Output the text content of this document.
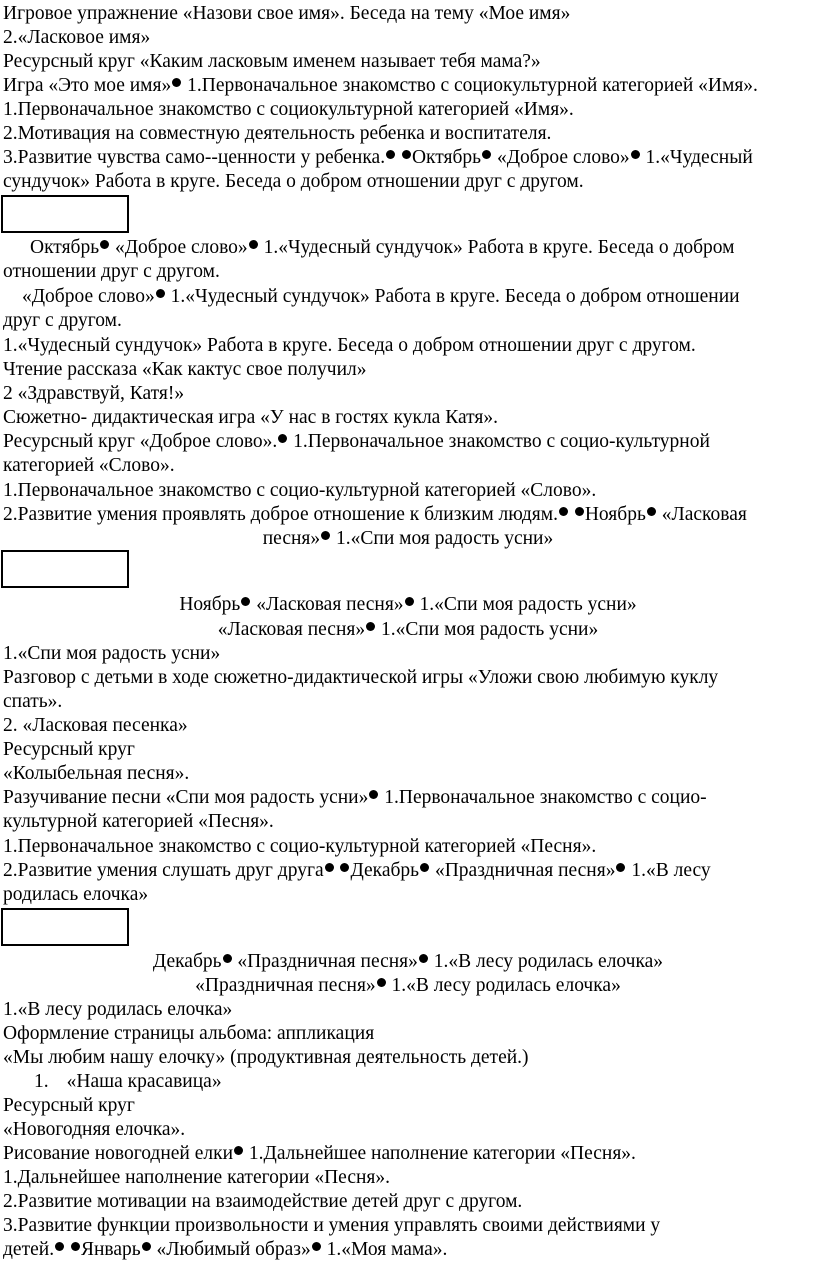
Игровое упражнение «Назови свое имя». Беседа на тему «Мое имя»
2.«Ласковое имя»
Ресурсный круг «Каким ласковым именем называет тебя мама?»
Игра «Это мое имя» 1.Первоначальное знакомство с социокультурной категорией «Имя».
1.Первоначальное знакомство с социокультурной категорией «Имя».
2.Мотивация на совместную деятельность ребенка и воспитателя.
3.Развитие чувства само--ценности у ребенка. Октябрь «Доброе слово» 1.«Чудесный
сундучок» Работа в круге. Беседа о добром отношении друг с другом.
Октябрь «Доброе слово» 1.«Чудесный сундучок» Работа в круге. Беседа о добром
отношении друг с другом.
«Доброе слово» 1.«Чудесный сундучок» Работа в круге. Беседа о добром отношении
друг с другом.
1.«Чудесный сундучок» Работа в круге. Беседа о добром отношении друг с другом.
Чтение рассказа «Как кактус свое получил»
2 «Здравствуй, Катя!»
Сюжетно- дидактическая игра «У нас в гостях кукла Катя».
Ресурсный круг «Доброе слово». 1.Первоначальное знакомство с социо-культурной
категорией «Слово».
1.Первоначальное знакомство с социо-культурной категорией «Слово».
2.Развитие умения проявлять доброе отношение к близким людям. Ноябрь «Ласковая
песня» 1.«Спи моя радость усни»
Ноябрь «Ласковая песня» 1.«Спи моя радость усни»
«Ласковая песня» 1.«Спи моя радость усни»
1.«Спи моя радость усни»
Разговор с детьми в ходе сюжетно-дидактической игры «Уложи свою любимую куклу
спать».
2. «Ласковая песенка»
Ресурсный круг
«Колыбельная песня».
Разучивание песни «Спи моя радость усни» 1.Первоначальное знакомство с социо-
культурной категорией «Песня».
1.Первоначальное знакомство с социо-культурной категорией «Песня».
2.Развитие умения слушать друг друга Декабрь «Праздничная песня» 1.«В лесу
родилась елочка»
Декабрь «Праздничная песня» 1.«В лесу родилась елочка»
«Праздничная песня» 1.«В лесу родилась елочка»
1.«В лесу родилась елочка»
Оформление страницы альбома: аппликация
«Мы любим нашу елочку» (продуктивная деятельность детей.)
1. «Наша красавица»
Ресурсный круг
«Новогодняя елочка».
Рисование новогодней елки 1.Дальнейшее наполнение категории «Песня».
1.Дальнейшее наполнение категории «Песня».
2.Развитие мотивации на взаимодействие детей друг с другом.
3.Развитие функции произвольности и умения управлять своими действиями у
детей. Январь «Любимый образ» 1.«Моя мама».
